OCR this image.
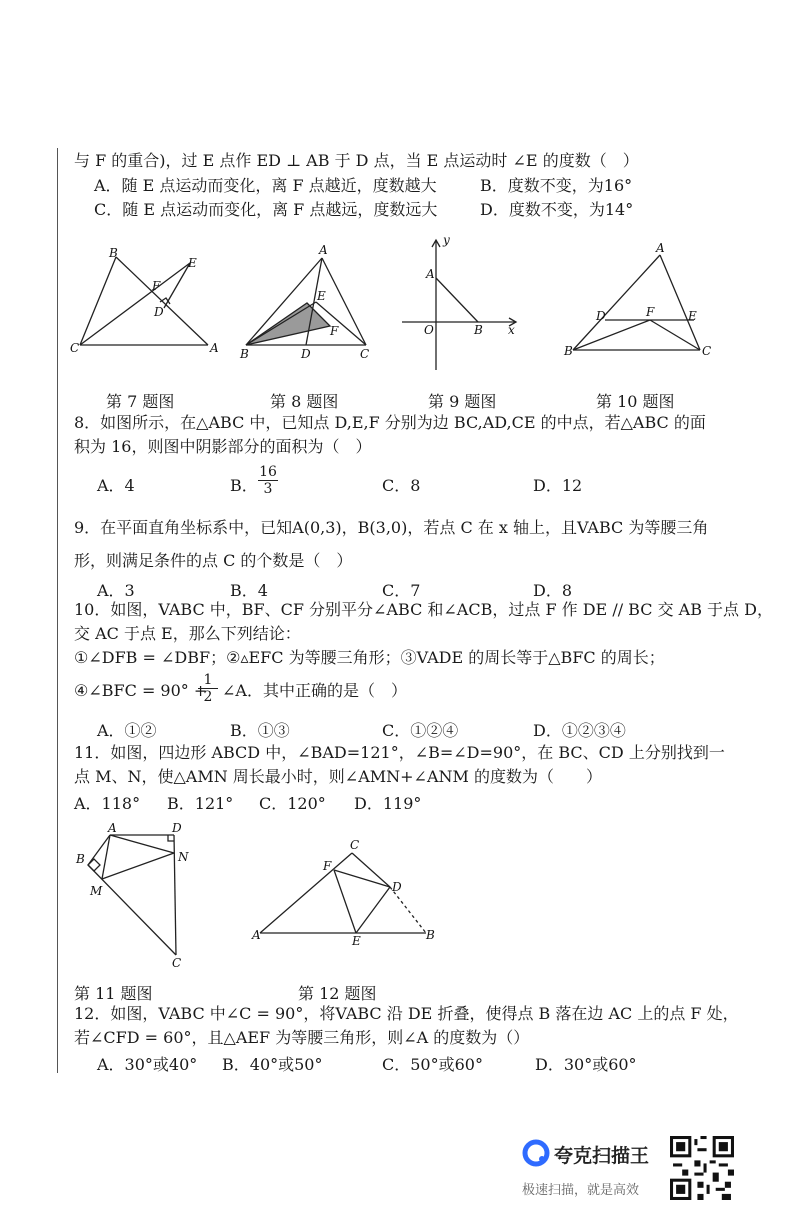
与 F 的重合)，过 E 点作 ED ⊥ AB 于 D 点，当 E 点运动时 ∠E 的度数（　）
A．随 E 点运动而变化，离 F 点越近，度数越大	B．度数不变，为16°
C．随 E 点运动而变化，离 F 点越远，度数远大	D．度数不变，为14°
B
E
F
D
C	A
A
E
F
B	D	C
y
A
O	B x
A
D	F	E
B	C
第 7 题图	第 8 题图	第 9 题图	第 10 题图
8．如图所示，在△ABC 中，已知点 D,E,F 分别为边 BC,AD,CE 的中点，若△ABC 的面
积为 16，则图中阴影部分的面积为（　）
A．4	B． $\frac{16}{3}$	C．8	D．12
9．在平面直角坐标系中，已知A(0,3)，B(3,0)，若点 C 在 x 轴上，且VABC 为等腰三角
形，则满足条件的点 C 的个数是（　）
A．3	B．4	C．7	D．8
10．如图，VABC 中，BF、CF 分别平分∠ABC 和∠ACB，过点 F 作 DE // BC 交 AB 于点 D，
交 AC 于点 E，那么下列结论：
①∠DFB = ∠DBF；②▵EFC 为等腰三角形；③VADE 的周长等于△BFC 的周长；
④∠BFC = 90° +
$\frac{1}{2}$ ∠A．其中正确的是（　）
A．①②	B．①③	C．①②④	D．①②③④
11．如图，四边形 ABCD 中，∠BAD=121°，∠B=∠D=90°，在 BC、CD 上分别找到一
点 M、N，使△AMN 周长最小时，则∠AMN+∠ANM 的度数为（　　）
A．118° B．121° C．120° D．119°
A	D
B	N
M
C
C
F
D
A	E	B
第 11 题图	第 12 题图
12．如图，VABC 中∠C = 90°，将VABC 沿 DE 折叠，使得点 B 落在边 AC 上的点 F 处，
若∠CFD = 60°，且△AEF 为等腰三角形，则∠A 的度数为（）
A．30°或40° B．40°或50°	C．50°或60°	D．30°或60°
夸克扫描王
极速扫描，就是高效
